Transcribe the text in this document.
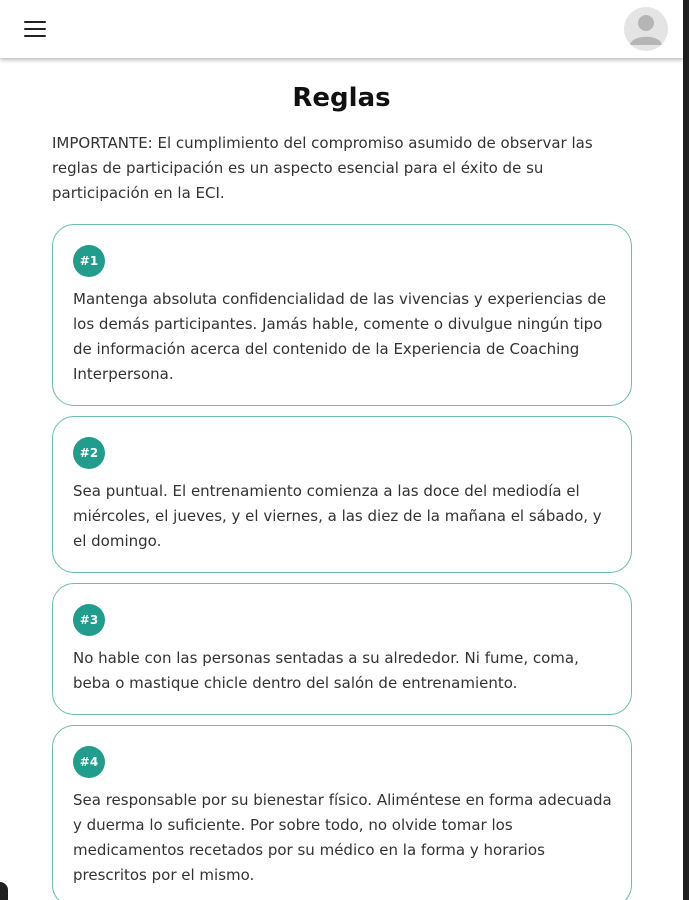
Reglas

IMPORTANTE: El cumplimiento del compromiso asumido de observar las reglas de participación es un aspecto esencial para el éxito de su participación en la ECI.

#1
Mantenga absoluta confidencialidad de las vivencias y experiencias de los demás participantes. Jamás hable, comente o divulgue ningún tipo de información acerca del contenido de la Experiencia de Coaching Interpersona.
#2
Sea puntual. El entrenamiento comienza a las doce del mediodía el miércoles, el jueves, y el viernes, a las diez de la mañana el sábado, y el domingo.
#3
No hable con las personas sentadas a su alrededor. Ni fume, coma, beba o mastique chicle dentro del salón de entrenamiento.
#4
Sea responsable por su bienestar físico. Aliméntese en forma adecuada y duerma lo suficiente. Por sobre todo, no olvide tomar los medicamentos recetados por su médico en la forma y horarios prescritos por el mismo.
